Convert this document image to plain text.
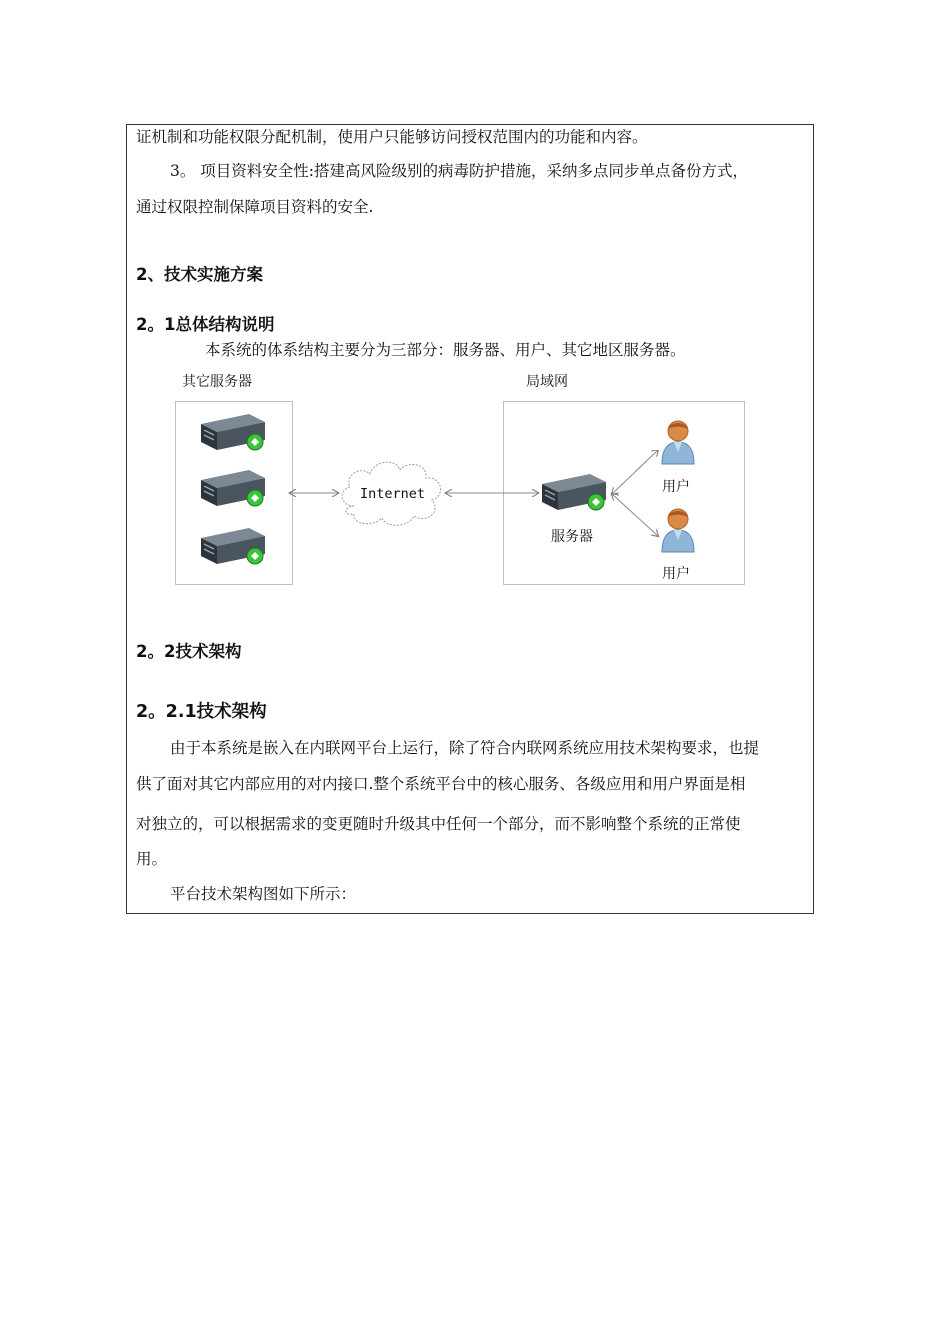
证机制和功能权限分配机制，使用户只能够访问授权范围内的功能和内容。
3。 项目资料安全性:搭建高风险级别的病毒防护措施，采纳多点同步单点备份方式，
通过权限控制保障项目资料的安全.
2、技术实施方案
2。1总体结构说明
本系统的体系结构主要分为三部分：服务器、用户、其它地区服务器。
其它服务器	局域网
Internet
服务器
用户
用户
2。2技术架构
2。2.1技术架构
由于本系统是嵌入在内联网平台上运行，除了符合内联网系统应用技术架构要求，也提
供了面对其它内部应用的对内接口.整个系统平台中的核心服务、各级应用和用户界面是相
对独立的，可以根据需求的变更随时升级其中任何一个部分，而不影响整个系统的正常使
用。
平台技术架构图如下所示：
